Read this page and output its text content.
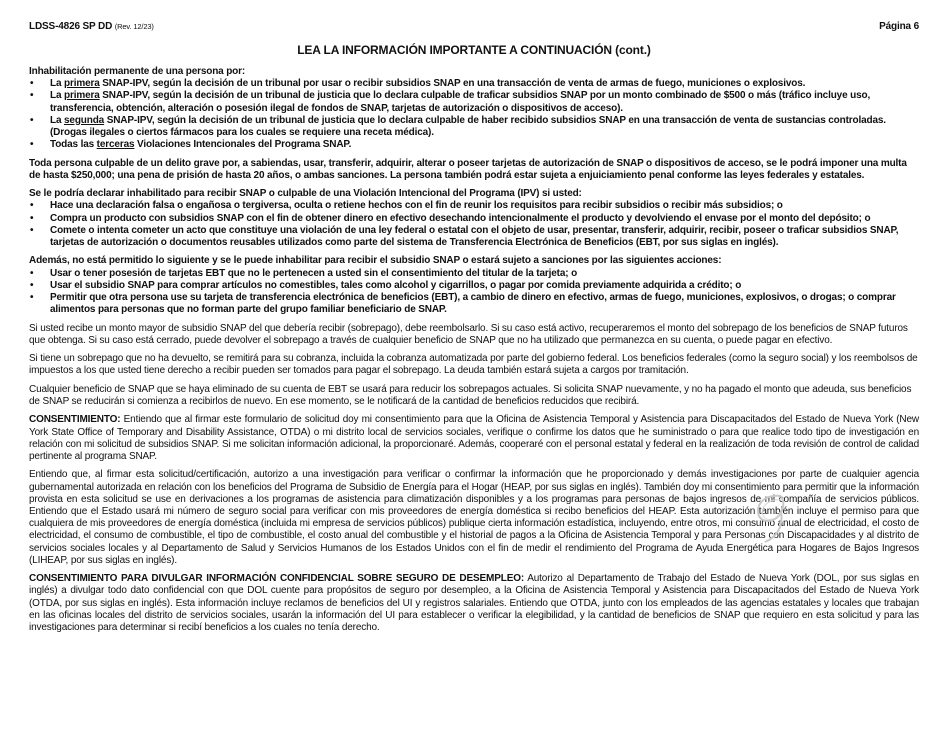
LDSS-4826 SP DD (Rev. 12/23)	Página 6
LEA LA INFORMACIÓN IMPORTANTE A CONTINUACIÓN (cont.)

Inhabilitación permanente de una persona por:

• La primera SNAP-IPV, según la decisión de un tribunal por usar o recibir subsidios SNAP en una transacción de venta de armas de fuego, municiones o explosivos.
• La primera SNAP-IPV, según la decisión de un tribunal de justicia que lo declara culpable de traficar subsidios SNAP por un monto combinado de $500 o más (tráfico incluye uso, transferencia, obtención, alteración o posesión ilegal de fondos de SNAP, tarjetas de autorización o dispositivos de acceso).
• La segunda SNAP-IPV, según la decisión de un tribunal de justicia que lo declara culpable de haber recibido subsidios SNAP en una transacción de venta de sustancias controladas. (Drogas ilegales o ciertos fármacos para los cuales se requiere una receta médica).
• Todas las terceras Violaciones Intencionales del Programa SNAP.

Toda persona culpable de un delito grave por, a sabiendas, usar, transferir, adquirir, alterar o poseer tarjetas de autorización de SNAP o dispositivos de acceso, se le podrá imponer una multa de hasta $250,000; una pena de prisión de hasta 20 años, o ambas sanciones. La persona también podrá estar sujeta a enjuiciamiento penal conforme las leyes federales y estatales.

Se le podría declarar inhabilitado para recibir SNAP o culpable de una Violación Intencional del Programa (IPV) si usted:

• Hace una declaración falsa o engañosa o tergiversa, oculta o retiene hechos con el fin de reunir los requisitos para recibir subsidios o recibir más subsidios; o
• Compra un producto con subsidios SNAP con el fin de obtener dinero en efectivo desechando intencionalmente el producto y devolviendo el envase por el monto del depósito; o
• Comete o intenta cometer un acto que constituye una violación de una ley federal o estatal con el objeto de usar, presentar, transferir, adquirir, recibir, poseer o traficar subsidios SNAP, tarjetas de autorización o documentos reusables utilizados como parte del sistema de Transferencia Electrónica de Beneficios (EBT, por sus siglas en inglés).

Además, no está permitido lo siguiente y se le puede inhabilitar para recibir el subsidio SNAP o estará sujeto a sanciones por las siguientes acciones:

• Usar o tener posesión de tarjetas EBT que no le pertenecen a usted sin el consentimiento del titular de la tarjeta; o
• Usar el subsidio SNAP para comprar artículos no comestibles, tales como alcohol y cigarrillos, o pagar por comida previamente adquirida a crédito; o
• Permitir que otra persona use su tarjeta de transferencia electrónica de beneficios (EBT), a cambio de dinero en efectivo, armas de fuego, municiones, explosivos, o drogas; o comprar alimentos para personas que no forman parte del grupo familiar beneficiario de SNAP.

Si usted recibe un monto mayor de subsidio SNAP del que debería recibir (sobrepago), debe reembolsarlo. Si su caso está activo, recuperaremos el monto del sobrepago de los beneficios de SNAP futuros que obtenga. Si su caso está cerrado, puede devolver el sobrepago a través de cualquier beneficio de SNAP que no ha utilizado que permanezca en su cuenta, o puede pagar en efectivo.

Si tiene un sobrepago que no ha devuelto, se remitirá para su cobranza, incluida la cobranza automatizada por parte del gobierno federal. Los beneficios federales (como la seguro social) y los reembolsos de impuestos a los que usted tiene derecho a recibir pueden ser tomados para pagar el sobrepago. La deuda también estará sujeta a cargos por tramitación.

Cualquier beneficio de SNAP que se haya eliminado de su cuenta de EBT se usará para reducir los sobrepagos actuales. Si solicita SNAP nuevamente, y no ha pagado el monto que adeuda, sus beneficios de SNAP se reducirán si comienza a recibirlos de nuevo. En ese momento, se le notificará de la cantidad de beneficios reducidos que recibirá.

CONSENTIMIENTO: Entiendo que al firmar este formulario de solicitud doy mi consentimiento para que la Oficina de Asistencia Temporal y Asistencia para Discapacitados del Estado de Nueva York (New York State Office of Temporary and Disability Assistance, OTDA) o mi distrito local de servicios sociales, verifique o confirme los datos que he suministrado o para que realice todo tipo de investigación en relación con mi solicitud de subsidios SNAP. Si me solicitan información adicional, la proporcionaré. Además, cooperaré con el personal estatal y federal en la realización de toda revisión de control de calidad pertinente al programa SNAP.

Entiendo que, al firmar esta solicitud/certificación, autorizo a una investigación para verificar o confirmar la información que he proporcionado y demás investigaciones por parte de cualquier agencia gubernamental autorizada en relación con los beneficios del Programa de Subsidio de Energía para el Hogar (HEAP, por sus siglas en inglés). También doy mi consentimiento para permitir que la información provista en esta solicitud se use en derivaciones a los programas de asistencia para climatización disponibles y a los programas para personas de bajos ingresos de mi compañía de servicios públicos. Entiendo que el Estado usará mi número de seguro social para verificar con mis proveedores de energía doméstica si recibo beneficios del HEAP. Esta autorización también incluye el permiso para que cualquiera de mis proveedores de energía doméstica (incluida mi empresa de servicios públicos) publique cierta información estadística, incluyendo, entre otros, mi consumo anual de electricidad, el costo de electricidad, el consumo de combustible, el tipo de combustible, el costo anual del combustible y el historial de pagos a la Oficina de Asistencia Temporal y para Personas con Discapacidades y al distrito de servicios sociales locales y al Departamento de Salud y Servicios Humanos de los Estados Unidos con el fin de medir el rendimiento del Programa de Ayuda Energética para Hogares de Bajos Ingresos (LIHEAP, por sus siglas en inglés).

CONSENTIMIENTO PARA DIVULGAR INFORMACIÓN CONFIDENCIAL SOBRE SEGURO DE DESEMPLEO: Autorizo al Departamento de Trabajo del Estado de Nueva York (DOL, por sus siglas en inglés) a divulgar todo dato confidencial con que DOL cuente para propósitos de seguro por desempleo, a la Oficina de Asistencia Temporal y Asistencia para Discapacitados del Estado de Nueva York (OTDA, por sus siglas en inglés). Esta información incluye reclamos de beneficios del UI y registros salariales. Entiendo que OTDA, junto con los empleados de las agencias estatales y locales que trabajan en las oficinas locales del distrito de servicios sociales, usarán la información del UI para establecer o verificar la elegibilidad, y la cantidad de beneficios de SNAP que requiero en esta solicitud y para las investigaciones para determinar si recibí beneficios a los cuales no tenía derecho.
